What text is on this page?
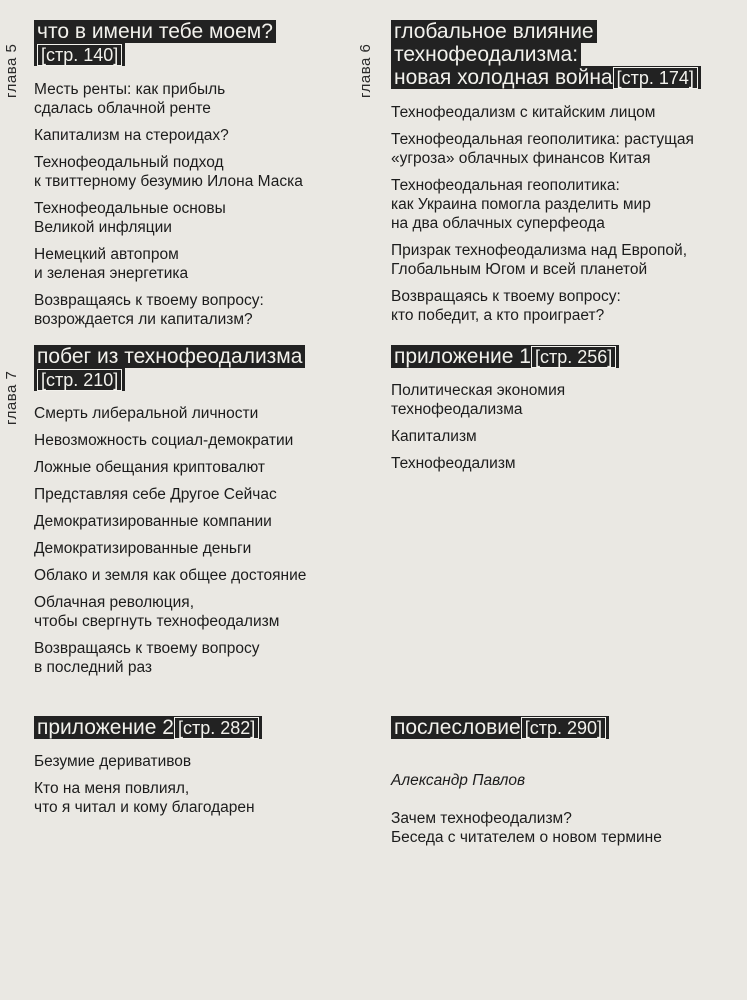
глава 5
что в имени тебе моем?
[стр. 140]
Месть ренты: как прибыль
сдалась облачной ренте
Капитализм на стероидах?
Технофеодальный подход
к твиттерному безумию Илона Маска
Технофеодальные основы
Великой инфляции
Немецкий автопром
и зеленая энергетика
Возвращаясь к твоему вопросу:
возрождается ли капитализм?
глава 6
глобальное влияние
технофеодализма:
новая холодная война [стр. 174]
Технофеодализм с китайским лицом
Технофеодальная геополитика: растущая
«угроза» облачных финансов Китая
Технофеодальная геополитика:
как Украина помогла разделить мир
на два облачных суперфеода
Призрак технофеодализма над Европой,
Глобальным Югом и всей планетой
Возвращаясь к твоему вопросу:
кто победит, а кто проиграет?
глава 7
побег из технофеодализма
[стр. 210]
Смерть либеральной личности
Невозможность социал-демократии
Ложные обещания криптовалют
Представляя себе Другое Сейчас
Демократизированные компании
Демократизированные деньги
Облако и земля как общее достояние
Облачная революция,
чтобы свергнуть технофеодализм
Возвращаясь к твоему вопросу
в последний раз
приложение 1 [стр. 256]
Политическая экономия
технофеодализма
Капитализм
Технофеодализм
приложение 2 [стр. 282]
Безумие деривативов
Кто на меня повлиял,
что я читал и кому благодарен
послесловие [стр. 290]

Александр Павлов

Зачем технофеодализм?
Беседа с читателем о новом термине
